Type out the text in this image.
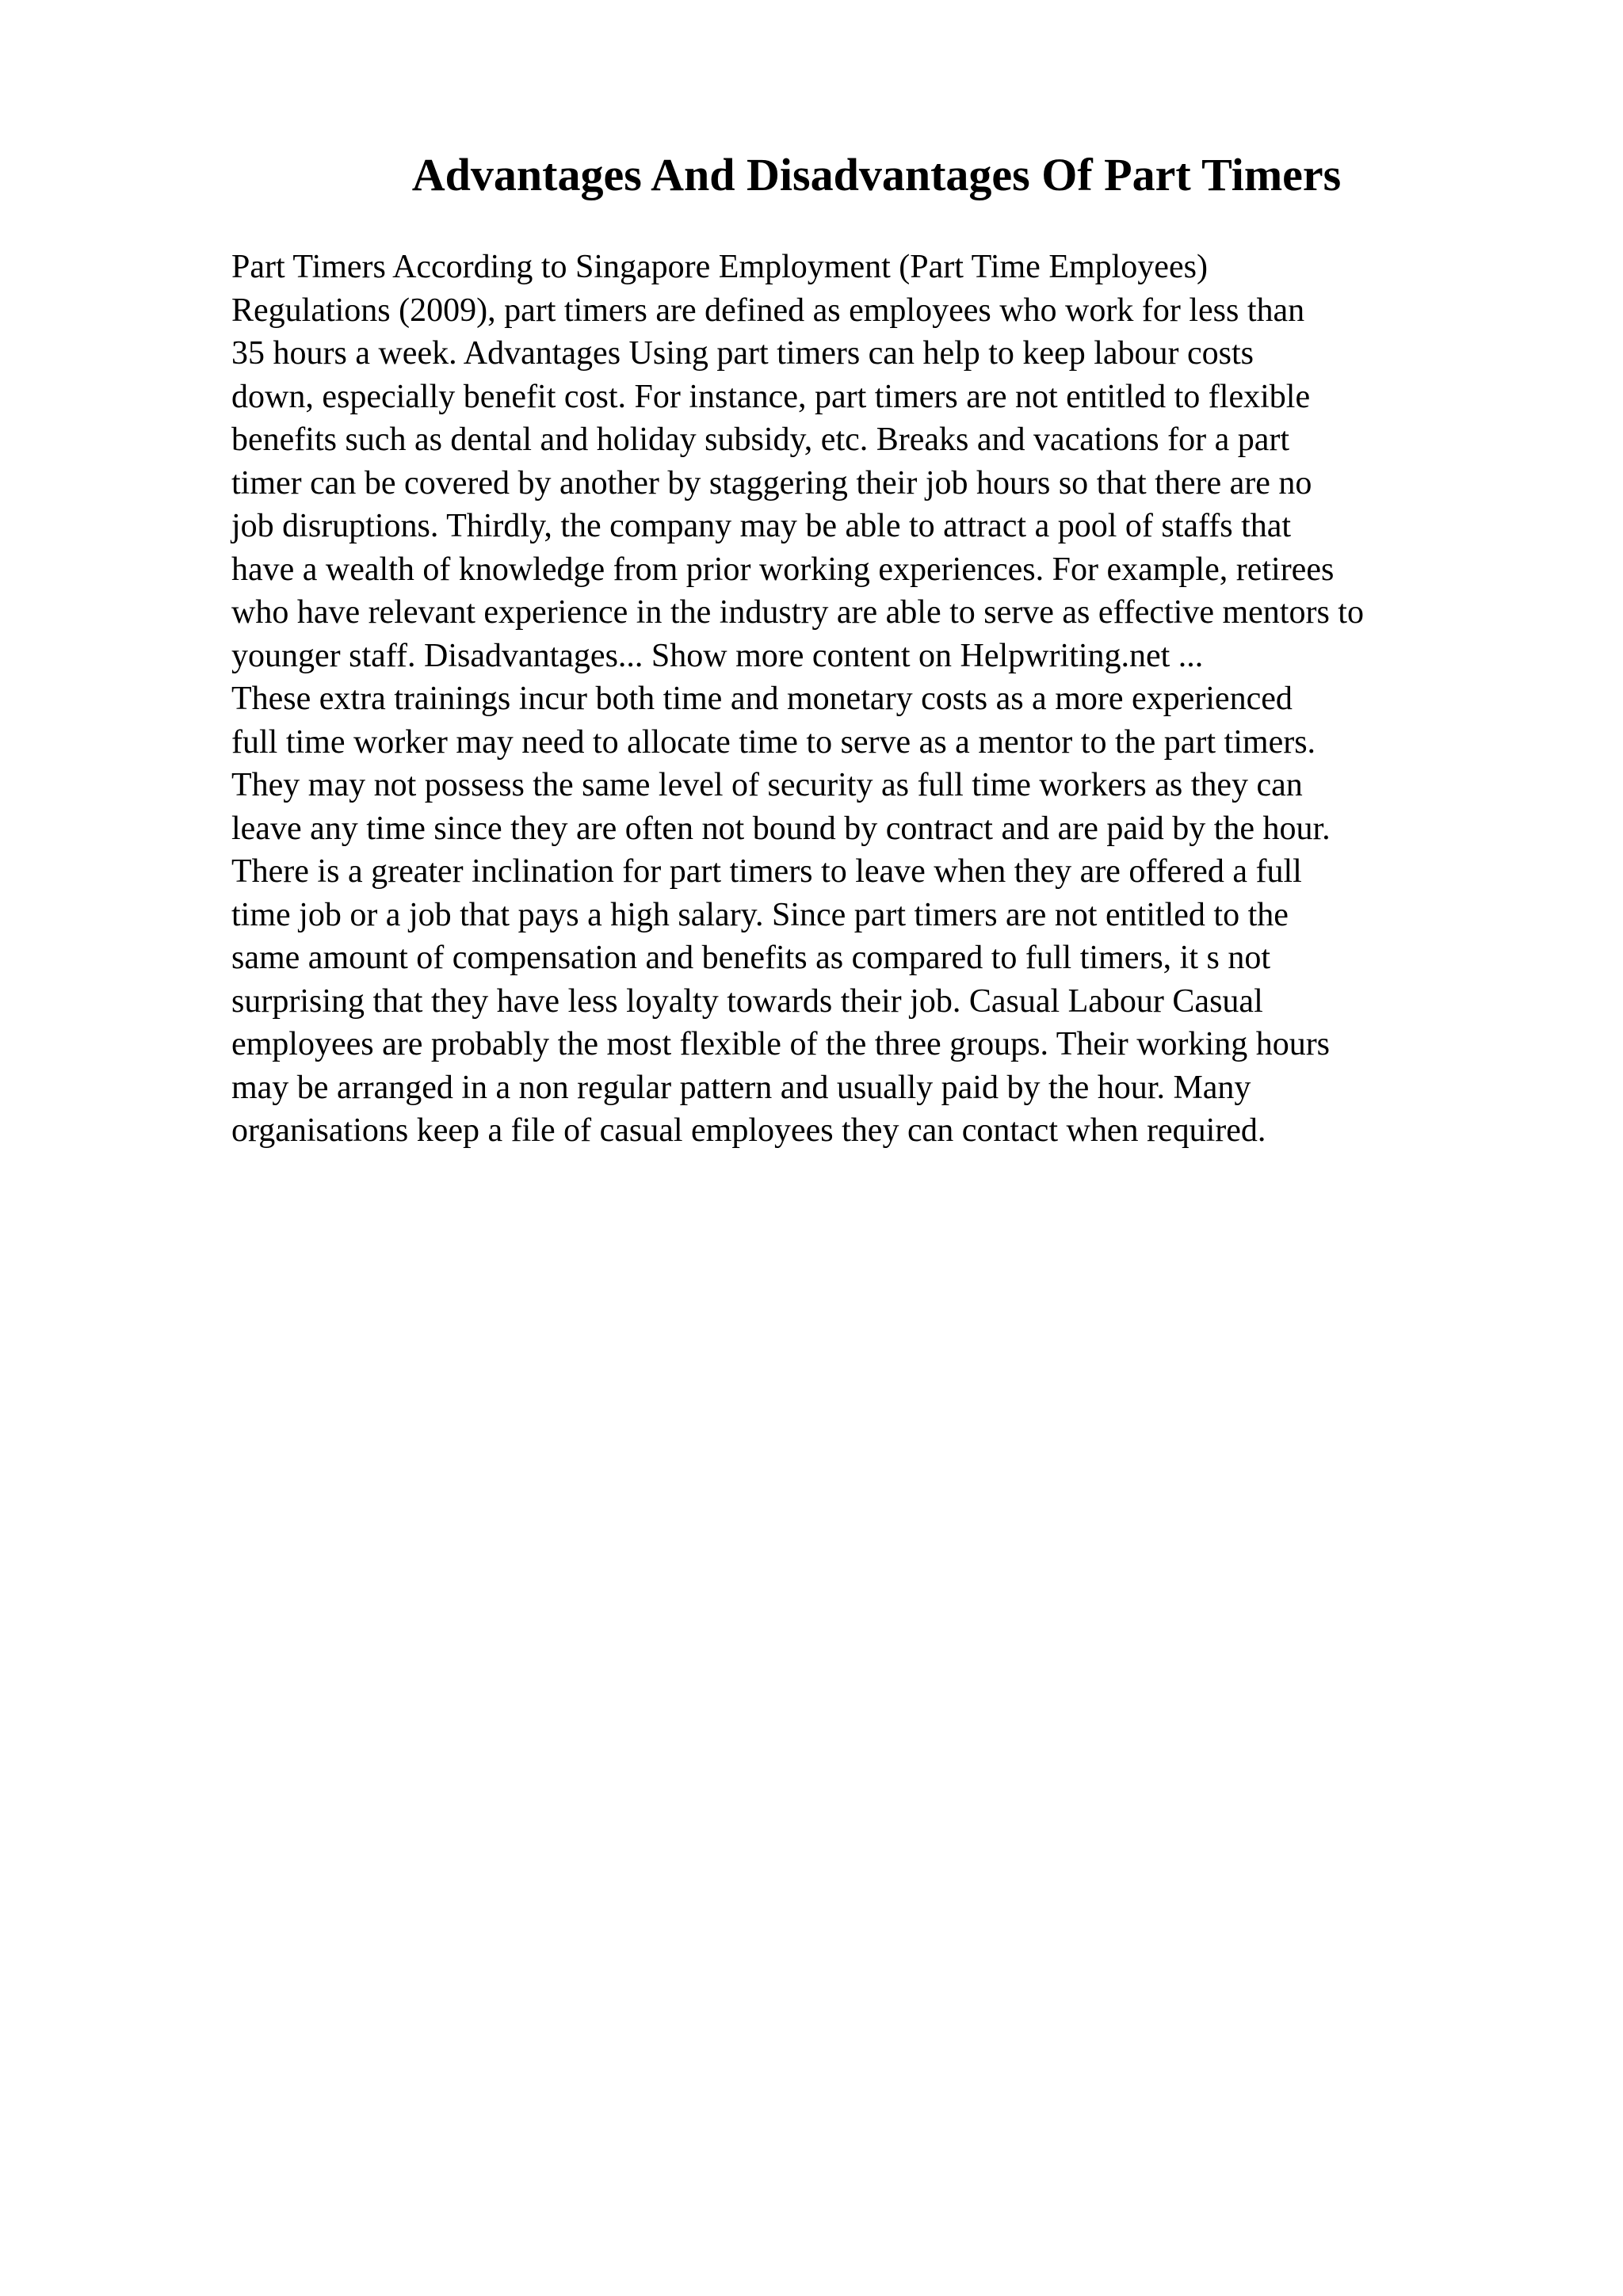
Advantages And Disadvantages Of Part Timers
Part Timers According to Singapore Employment (Part Time Employees)
Regulations (2009), part timers are defined as employees who work for less than
35 hours a week. Advantages Using part timers can help to keep labour costs
down, especially benefit cost. For instance, part timers are not entitled to flexible
benefits such as dental and holiday subsidy, etc. Breaks and vacations for a part
timer can be covered by another by staggering their job hours so that there are no
job disruptions. Thirdly, the company may be able to attract a pool of staffs that
have a wealth of knowledge from prior working experiences. For example, retirees
who have relevant experience in the industry are able to serve as effective mentors to
younger staff. Disadvantages... Show more content on Helpwriting.net ...
These extra trainings incur both time and monetary costs as a more experienced
full time worker may need to allocate time to serve as a mentor to the part timers.
They may not possess the same level of security as full time workers as they can
leave any time since they are often not bound by contract and are paid by the hour.
There is a greater inclination for part timers to leave when they are offered a full
time job or a job that pays a high salary. Since part timers are not entitled to the
same amount of compensation and benefits as compared to full timers, it s not
surprising that they have less loyalty towards their job. Casual Labour Casual
employees are probably the most flexible of the three groups. Their working hours
may be arranged in a non regular pattern and usually paid by the hour. Many
organisations keep a file of casual employees they can contact when required.
